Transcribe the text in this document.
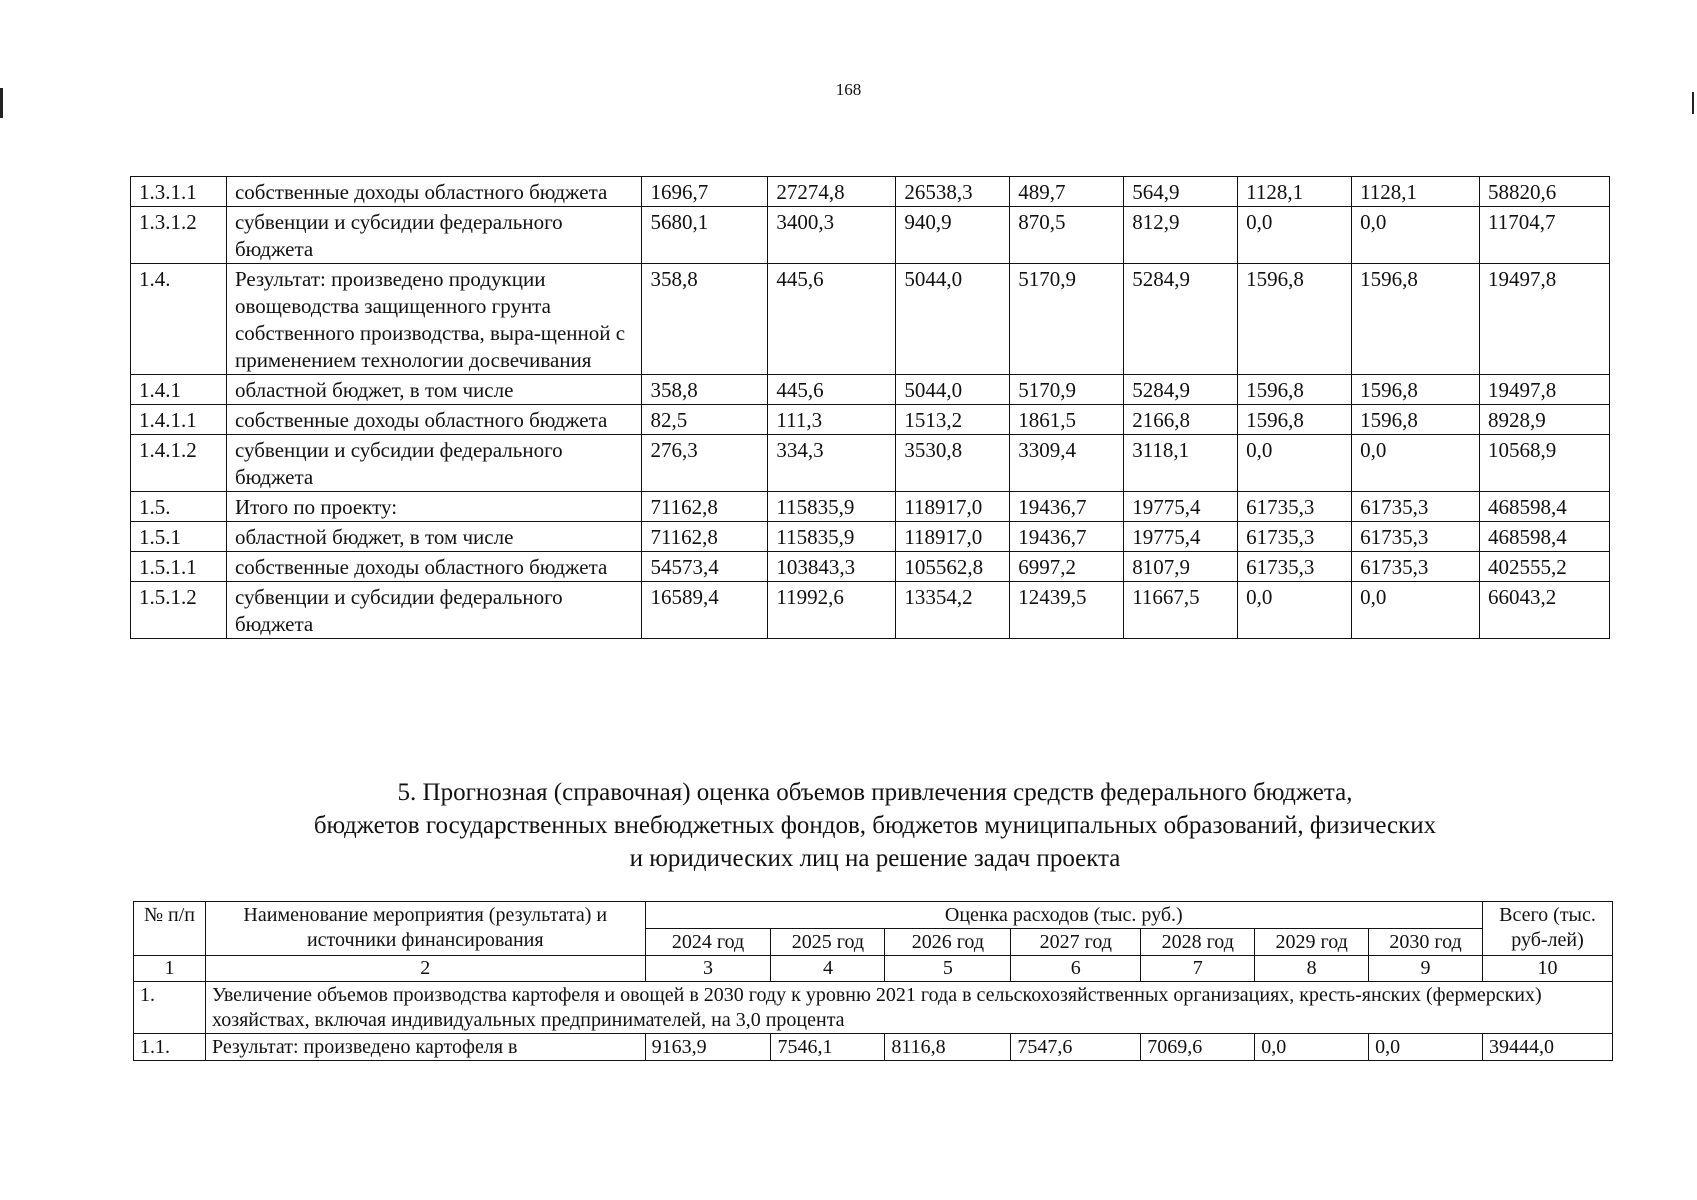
168
1.3.1.1	собственные доходы областного бюджета	1696,7	27274,8	26538,3	489,7	564,9	1128,1	1128,1	58820,6
1.3.1.2	субвенции и субсидии федерального бюджета	5680,1	3400,3	940,9	870,5	812,9	0,0	0,0	11704,7
1.4.	Результат: произведено продукции овощеводства защищенного грунта собственного производства, выра-щенной с применением технологии досвечивания	358,8	445,6	5044,0	5170,9	5284,9	1596,8	1596,8	19497,8
1.4.1	областной бюджет, в том числе	358,8	445,6	5044,0	5170,9	5284,9	1596,8	1596,8	19497,8
1.4.1.1	собственные доходы областного бюджета	82,5	111,3	1513,2	1861,5	2166,8	1596,8	1596,8	8928,9
1.4.1.2	субвенции и субсидии федерального бюджета	276,3	334,3	3530,8	3309,4	3118,1	0,0	0,0	10568,9
1.5.	Итого по проекту:	71162,8	115835,9	118917,0	19436,7	19775,4	61735,3	61735,3	468598,4
1.5.1	областной бюджет, в том числе	71162,8	115835,9	118917,0	19436,7	19775,4	61735,3	61735,3	468598,4
1.5.1.1	собственные доходы областного бюджета	54573,4	103843,3	105562,8	6997,2	8107,9	61735,3	61735,3	402555,2
1.5.1.2	субвенции и субсидии федерального бюджета	16589,4	11992,6	13354,2	12439,5	11667,5	0,0	0,0	66043,2
5. Прогнозная (справочная) оценка объемов привлечения средств федерального бюджета,
бюджетов государственных внебюджетных фондов, бюджетов муниципальных образований, физических
и юридических лиц на решение задач проекта
№ п/п	Наименование мероприятия (результата) и источники финансирования	Оценка расходов (тыс. руб.)							Всего (тыс. руб-лей)
		2024 год	2025 год	2026 год	2027 год	2028 год	2029 год	2030 год	
1	2	3	4	5	6	7	8	9	10
1.	Увеличение объемов производства картофеля и овощей в 2030 году к уровню 2021 года в сельскохозяйственных организациях, кресть-янских (фермерских) хозяйствах, включая индивидуальных предпринимателей, на 3,0 процента								
1.1.	Результат: произведено картофеля в	9163,9	7546,1	8116,8	7547,6	7069,6	0,0	0,0	39444,0
